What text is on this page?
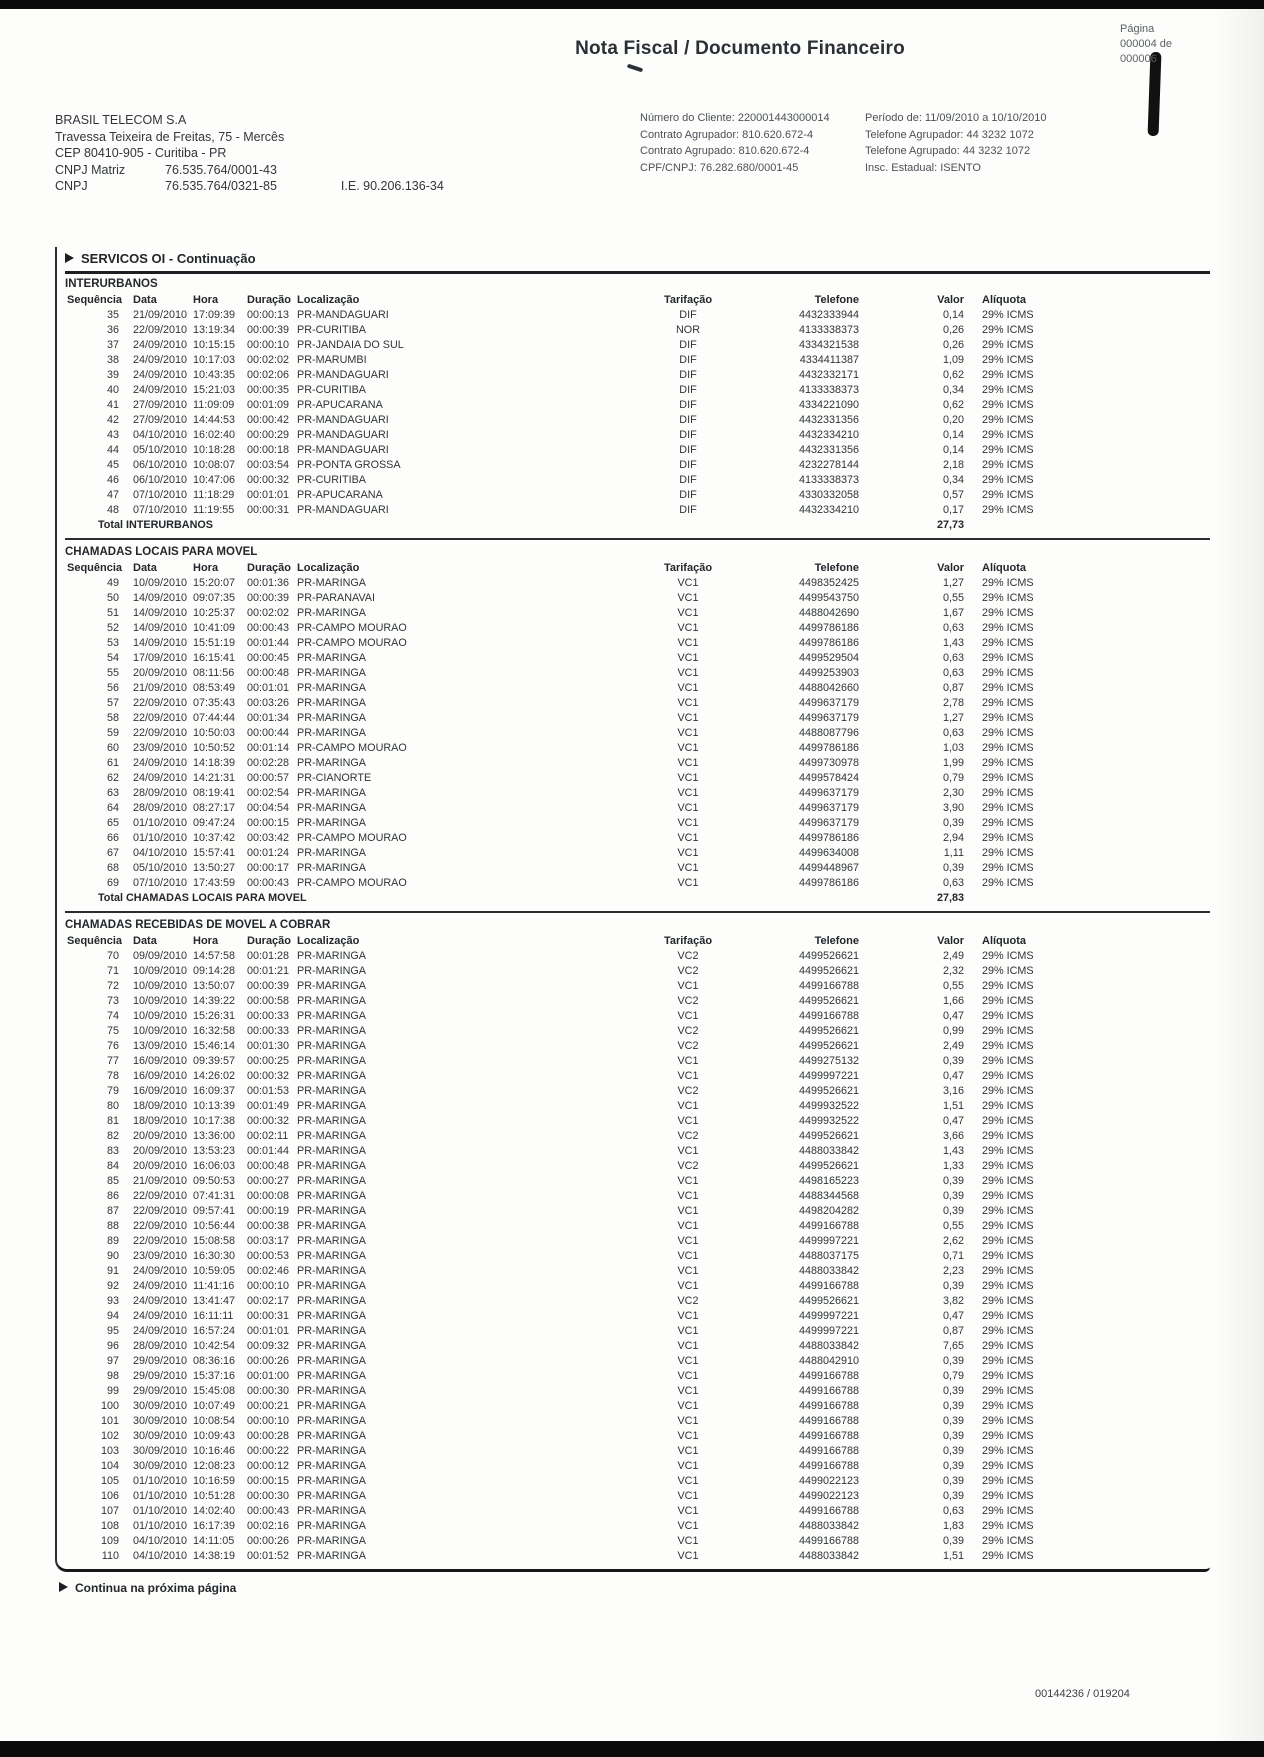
Página
000004 de
000006
Nota Fiscal / Documento Financeiro
BRASIL TELECOM S.A
Travessa Teixeira de Freitas, 75 - Mercês
CEP 80410-905 - Curitiba - PR
CNPJ Matriz	76.535.764/0001-43
CNPJ	76.535.764/0321-85	I.E. 90.206.136-34
Número do Cliente: 220001443000014	Período de: 11/09/2010 a 10/10/2010
Contrato Agrupador: 810.620.672-4	Telefone Agrupador: 44 3232 1072
Contrato Agrupado: 810.620.672-4	Telefone Agrupado: 44 3232 1072
CPF/CNPJ: 76.282.680/0001-45	Insc. Estadual: ISENTO
SERVICOS OI - Continuação
INTERURBANOS
Sequência Data	Hora	Duração Localização	Tarifação	Telefone	Valor	Alíquota
35	21/09/2010 17:09:39	00:00:13 PR-MANDAGUARI	DIF	4432333944	0,14	29% ICMS
36	22/09/2010 13:19:34	00:00:39 PR-CURITIBA	NOR	4133338373	0,26	29% ICMS
37	24/09/2010 10:15:15	00:00:10 PR-JANDAIA DO SUL	DIF	4334321538	0,26	29% ICMS
38	24/09/2010 10:17:03	00:02:02 PR-MARUMBI	DIF	4334411387	1,09	29% ICMS
39	24/09/2010 10:43:35	00:02:06 PR-MANDAGUARI	DIF	4432332171	0,62	29% ICMS
40	24/09/2010 15:21:03	00:00:35 PR-CURITIBA	DIF	4133338373	0,34	29% ICMS
41	27/09/2010 11:09:09	00:01:09 PR-APUCARANA	DIF	4334221090	0,62	29% ICMS
42	27/09/2010 14:44:53	00:00:42 PR-MANDAGUARI	DIF	4432331356	0,20	29% ICMS
43	04/10/2010 16:02:40	00:00:29 PR-MANDAGUARI	DIF	4432334210	0,14	29% ICMS
44	05/10/2010 10:18:28	00:00:18 PR-MANDAGUARI	DIF	4432331356	0,14	29% ICMS
45	06/10/2010 10:08:07	00:03:54 PR-PONTA GROSSA	DIF	4232278144	2,18	29% ICMS
46	06/10/2010 10:47:06	00:00:32 PR-CURITIBA	DIF	4133338373	0,34	29% ICMS
47	07/10/2010 11:18:29	00:01:01 PR-APUCARANA	DIF	4330332058	0,57	29% ICMS
48	07/10/2010 11:19:55	00:00:31 PR-MANDAGUARI	DIF	4432334210	0,17	29% ICMS
Total INTERURBANOS	27,73
CHAMADAS LOCAIS PARA MOVEL
Sequência Data	Hora	Duração Localização	Tarifação	Telefone	Valor	Alíquota
49	10/09/2010 15:20:07	00:01:36 PR-MARINGA	VC1	4498352425	1,27	29% ICMS
50	14/09/2010 09:07:35	00:00:39 PR-PARANAVAI	VC1	4499543750	0,55	29% ICMS
51	14/09/2010 10:25:37	00:02:02 PR-MARINGA	VC1	4488042690	1,67	29% ICMS
52	14/09/2010 10:41:09	00:00:43 PR-CAMPO MOURAO	VC1	4499786186	0,63	29% ICMS
53	14/09/2010 15:51:19	00:01:44 PR-CAMPO MOURAO	VC1	4499786186	1,43	29% ICMS
54	17/09/2010 16:15:41	00:00:45 PR-MARINGA	VC1	4499529504	0,63	29% ICMS
55	20/09/2010 08:11:56	00:00:48 PR-MARINGA	VC1	4499253903	0,63	29% ICMS
56	21/09/2010 08:53:49	00:01:01 PR-MARINGA	VC1	4488042660	0,87	29% ICMS
57	22/09/2010 07:35:43	00:03:26 PR-MARINGA	VC1	4499637179	2,78	29% ICMS
58	22/09/2010 07:44:44	00:01:34 PR-MARINGA	VC1	4499637179	1,27	29% ICMS
59	22/09/2010 10:50:03	00:00:44 PR-MARINGA	VC1	4488087796	0,63	29% ICMS
60	23/09/2010 10:50:52	00:01:14 PR-CAMPO MOURAO	VC1	4499786186	1,03	29% ICMS
61	24/09/2010 14:18:39	00:02:28 PR-MARINGA	VC1	4499730978	1,99	29% ICMS
62	24/09/2010 14:21:31	00:00:57 PR-CIANORTE	VC1	4499578424	0,79	29% ICMS
63	28/09/2010 08:19:41	00:02:54 PR-MARINGA	VC1	4499637179	2,30	29% ICMS
64	28/09/2010 08:27:17	00:04:54 PR-MARINGA	VC1	4499637179	3,90	29% ICMS
65	01/10/2010 09:47:24	00:00:15 PR-MARINGA	VC1	4499637179	0,39	29% ICMS
66	01/10/2010 10:37:42	00:03:42 PR-CAMPO MOURAO	VC1	4499786186	2,94	29% ICMS
67	04/10/2010 15:57:41	00:01:24 PR-MARINGA	VC1	4499634008	1,11	29% ICMS
68	05/10/2010 13:50:27	00:00:17 PR-MARINGA	VC1	4499448967	0,39	29% ICMS
69	07/10/2010 17:43:59	00:00:43 PR-CAMPO MOURAO	VC1	4499786186	0,63	29% ICMS
Total CHAMADAS LOCAIS PARA MOVEL	27,83
CHAMADAS RECEBIDAS DE MOVEL A COBRAR
Sequência Data	Hora	Duração Localização	Tarifação	Telefone	Valor	Alíquota
70	09/09/2010 14:57:58	00:01:28 PR-MARINGA	VC2	4499526621	2,49	29% ICMS
71	10/09/2010 09:14:28	00:01:21 PR-MARINGA	VC2	4499526621	2,32	29% ICMS
72	10/09/2010 13:50:07	00:00:39 PR-MARINGA	VC1	4499166788	0,55	29% ICMS
73	10/09/2010 14:39:22	00:00:58 PR-MARINGA	VC2	4499526621	1,66	29% ICMS
74	10/09/2010 15:26:31	00:00:33 PR-MARINGA	VC1	4499166788	0,47	29% ICMS
75	10/09/2010 16:32:58	00:00:33 PR-MARINGA	VC2	4499526621	0,99	29% ICMS
76	13/09/2010 15:46:14	00:01:30 PR-MARINGA	VC2	4499526621	2,49	29% ICMS
77	16/09/2010 09:39:57	00:00:25 PR-MARINGA	VC1	4499275132	0,39	29% ICMS
78	16/09/2010 14:26:02	00:00:32 PR-MARINGA	VC1	4499997221	0,47	29% ICMS
79	16/09/2010 16:09:37	00:01:53 PR-MARINGA	VC2	4499526621	3,16	29% ICMS
80	18/09/2010 10:13:39	00:01:49 PR-MARINGA	VC1	4499932522	1,51	29% ICMS
81	18/09/2010 10:17:38	00:00:32 PR-MARINGA	VC1	4499932522	0,47	29% ICMS
82	20/09/2010 13:36:00	00:02:11 PR-MARINGA	VC2	4499526621	3,66	29% ICMS
83	20/09/2010 13:53:23	00:01:44 PR-MARINGA	VC1	4488033842	1,43	29% ICMS
84	20/09/2010 16:06:03	00:00:48 PR-MARINGA	VC2	4499526621	1,33	29% ICMS
85	21/09/2010 09:50:53	00:00:27 PR-MARINGA	VC1	4498165223	0,39	29% ICMS
86	22/09/2010 07:41:31	00:00:08 PR-MARINGA	VC1	4488344568	0,39	29% ICMS
87	22/09/2010 09:57:41	00:00:19 PR-MARINGA	VC1	4498204282	0,39	29% ICMS
88	22/09/2010 10:56:44	00:00:38 PR-MARINGA	VC1	4499166788	0,55	29% ICMS
89	22/09/2010 15:08:58	00:03:17 PR-MARINGA	VC1	4499997221	2,62	29% ICMS
90	23/09/2010 16:30:30	00:00:53 PR-MARINGA	VC1	4488037175	0,71	29% ICMS
91	24/09/2010 10:59:05	00:02:46 PR-MARINGA	VC1	4488033842	2,23	29% ICMS
92	24/09/2010 11:41:16	00:00:10 PR-MARINGA	VC1	4499166788	0,39	29% ICMS
93	24/09/2010 13:41:47	00:02:17 PR-MARINGA	VC2	4499526621	3,82	29% ICMS
94	24/09/2010 16:11:11	00:00:31 PR-MARINGA	VC1	4499997221	0,47	29% ICMS
95	24/09/2010 16:57:24	00:01:01 PR-MARINGA	VC1	4499997221	0,87	29% ICMS
96	28/09/2010 10:42:54	00:09:32 PR-MARINGA	VC1	4488033842	7,65	29% ICMS
97	29/09/2010 08:36:16	00:00:26 PR-MARINGA	VC1	4488042910	0,39	29% ICMS
98	29/09/2010 15:37:16	00:01:00 PR-MARINGA	VC1	4499166788	0,79	29% ICMS
99	29/09/2010 15:45:08	00:00:30 PR-MARINGA	VC1	4499166788	0,39	29% ICMS
100	30/09/2010 10:07:49	00:00:21 PR-MARINGA	VC1	4499166788	0,39	29% ICMS
101	30/09/2010 10:08:54	00:00:10 PR-MARINGA	VC1	4499166788	0,39	29% ICMS
102	30/09/2010 10:09:43	00:00:28 PR-MARINGA	VC1	4499166788	0,39	29% ICMS
103	30/09/2010 10:16:46	00:00:22 PR-MARINGA	VC1	4499166788	0,39	29% ICMS
104	30/09/2010 12:08:23	00:00:12 PR-MARINGA	VC1	4499166788	0,39	29% ICMS
105	01/10/2010 10:16:59	00:00:15 PR-MARINGA	VC1	4499022123	0,39	29% ICMS
106	01/10/2010 10:51:28	00:00:30 PR-MARINGA	VC1	4499022123	0,39	29% ICMS
107	01/10/2010 14:02:40	00:00:43 PR-MARINGA	VC1	4499166788	0,63	29% ICMS
108	01/10/2010 16:17:39	00:02:16 PR-MARINGA	VC1	4488033842	1,83	29% ICMS
109	04/10/2010 14:11:05	00:00:26 PR-MARINGA	VC1	4499166788	0,39	29% ICMS
110	04/10/2010 14:38:19	00:01:52 PR-MARINGA	VC1	4488033842	1,51	29% ICMS
Continua na próxima página
00144236 / 019204
